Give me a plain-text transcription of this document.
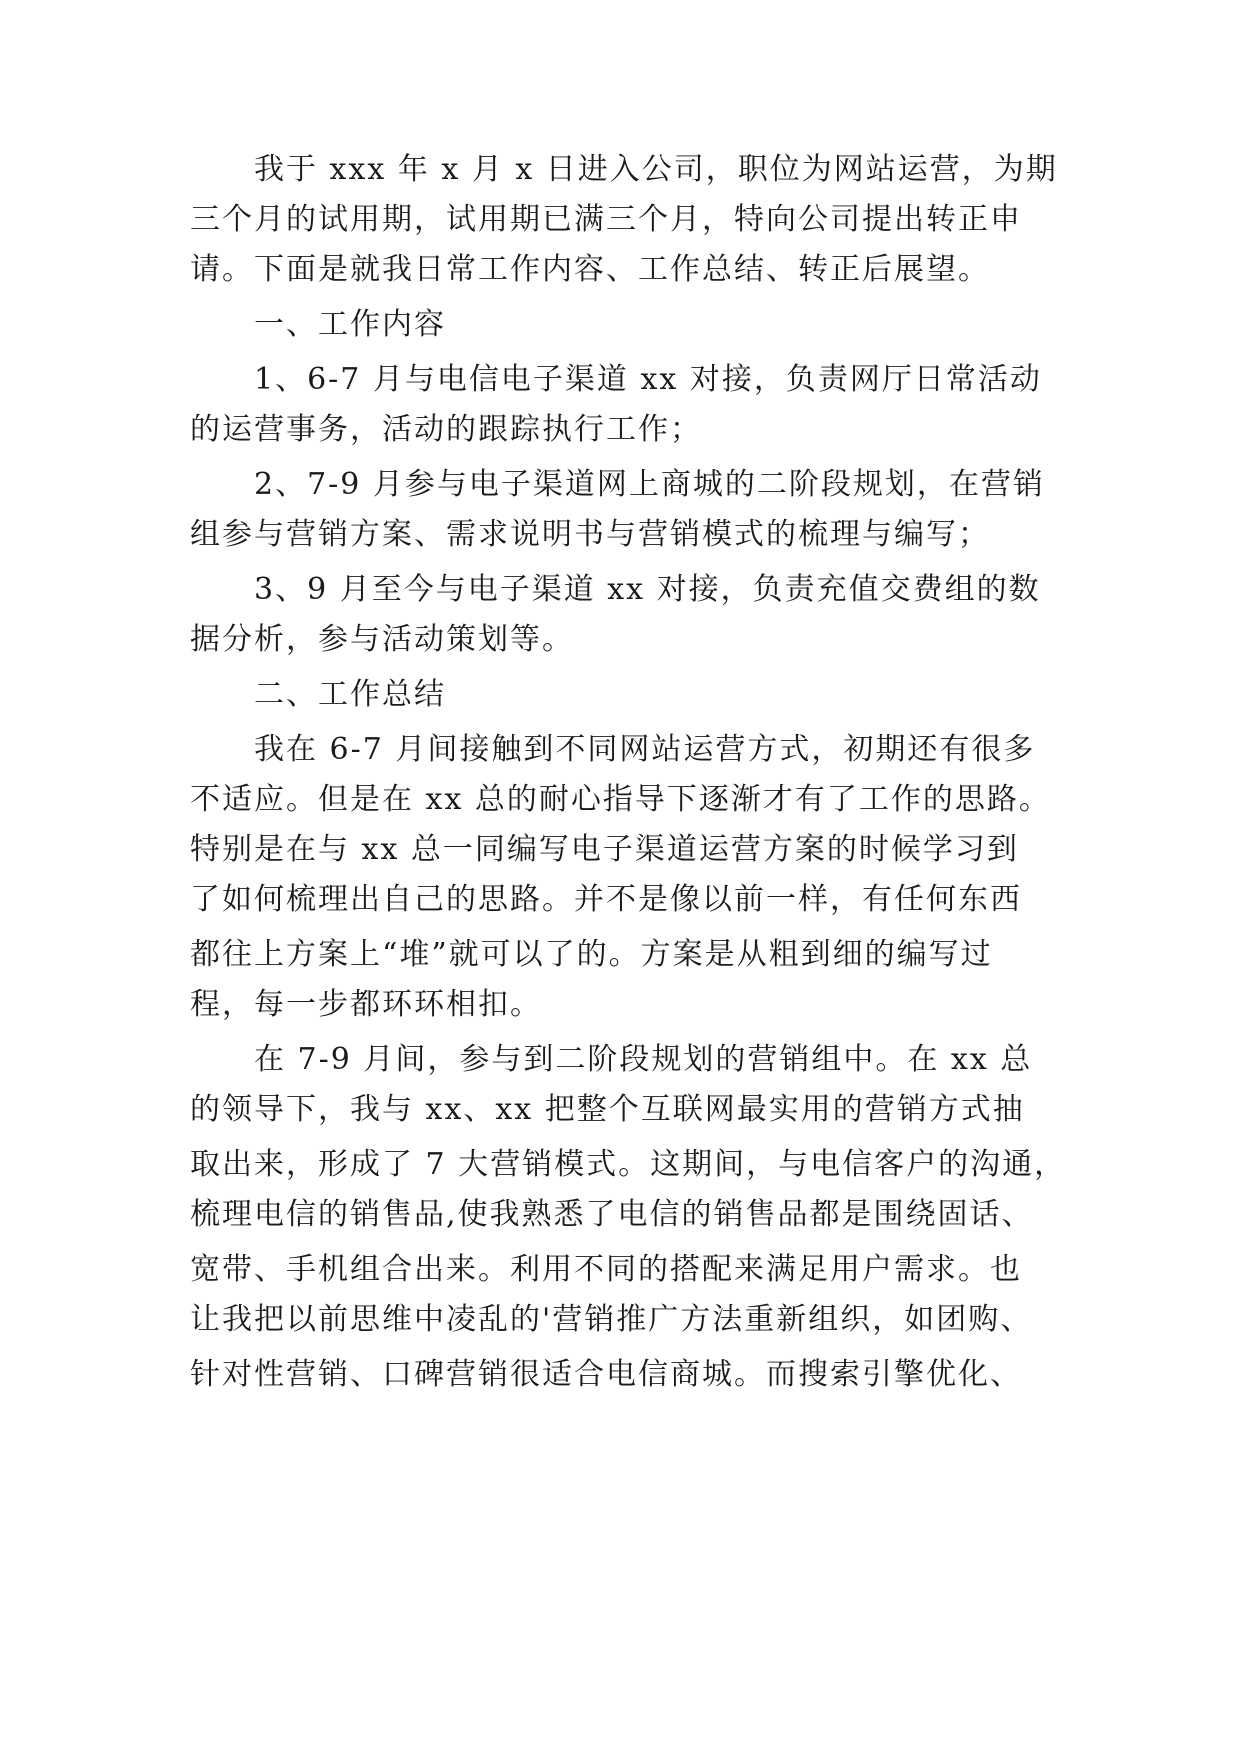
我于 xxx 年 x 月 x 日进入公司，职位为网站运营，为期
三个月的试用期，试用期已满三个月，特向公司提出转正申
请。下面是就我日常工作内容、工作总结、转正后展望。
一、工作内容
1、6-7 月与电信电子渠道 xx 对接，负责网厅日常活动
的运营事务，活动的跟踪执行工作；
2、7-9 月参与电子渠道网上商城的二阶段规划，在营销
组参与营销方案、需求说明书与营销模式的梳理与编写；
3、9 月至今与电子渠道 xx 对接，负责充值交费组的数
据分析，参与活动策划等。
二、工作总结
我在 6-7 月间接触到不同网站运营方式，初期还有很多
不适应。但是在 xx 总的耐心指导下逐渐才有了工作的思路。
特别是在与 xx 总一同编写电子渠道运营方案的时候学习到
了如何梳理出自己的思路。并不是像以前一样，有任何东西
都往上方案上“堆”就可以了的。方案是从粗到细的编写过
程，每一步都环环相扣。
在 7-9 月间，参与到二阶段规划的营销组中。在 xx 总
的领导下，我与 xx、xx 把整个互联网最实用的营销方式抽
取出来，形成了 7 大营销模式。这期间，与电信客户的沟通，
梳理电信的销售品,使我熟悉了电信的销售品都是围绕固话、
宽带、手机组合出来。利用不同的搭配来满足用户需求。也
让我把以前思维中凌乱的'营销推广方法重新组织，如团购、
针对性营销、口碑营销很适合电信商城。而搜索引擎优化、
